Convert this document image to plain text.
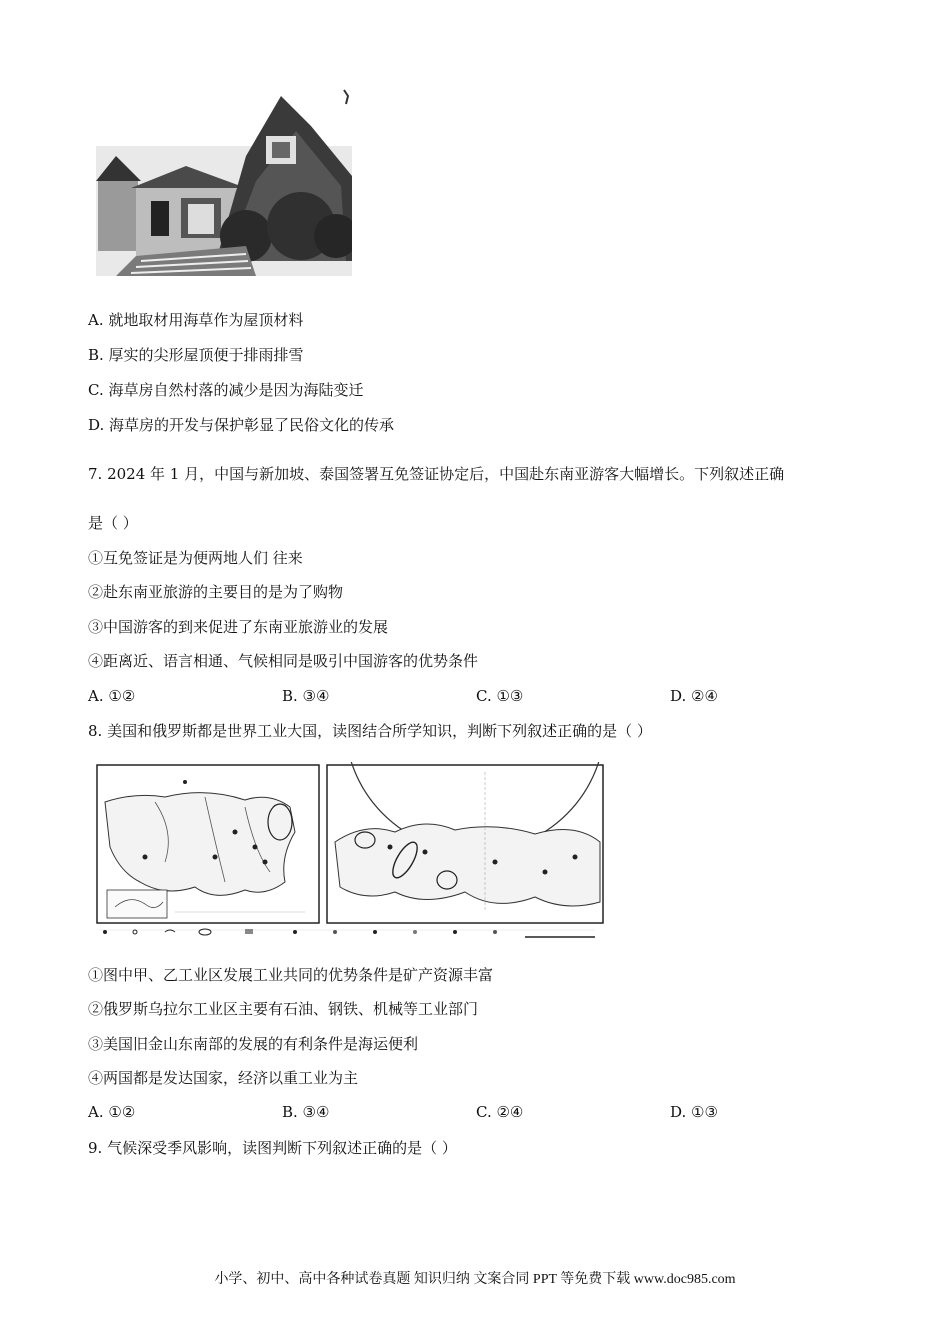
A. 就地取材用海草作为屋顶材料
B. 厚实的尖形屋顶便于排雨排雪
C. 海草房自然村落的减少是因为海陆变迁
D. 海草房的开发与保护彰显了民俗文化的传承
7. 2024 年 1 月，中国与新加坡、泰国签署互免签证协定后，中国赴东南亚游客大幅增长。下列叙述正确
是（ ）
①互免签证是为便两地人们 往来
②赴东南亚旅游的主要目的是为了购物
③中国游客的到来促进了东南亚旅游业的发展
④距离近、语言相通、气候相同是吸引中国游客的优势条件
A. ①②	B. ③④	C. ①③	D. ②④
8. 美国和俄罗斯都是世界工业大国，读图结合所学知识，判断下列叙述正确的是（ ）
①图中甲、乙工业区发展工业共同的优势条件是矿产资源丰富
②俄罗斯乌拉尔工业区主要有石油、钢铁、机械等工业部门
③美国旧金山东南部的发展的有利条件是海运便利
④两国都是发达国家，经济以重工业为主
A. ①②	B. ③④	C. ②④	D. ①③
9. 气候深受季风影响，读图判断下列叙述正确的是（ ）
小学、初中、高中各种试卷真题 知识归纳 文案合同 PPT 等免费下载 www.doc985.com
